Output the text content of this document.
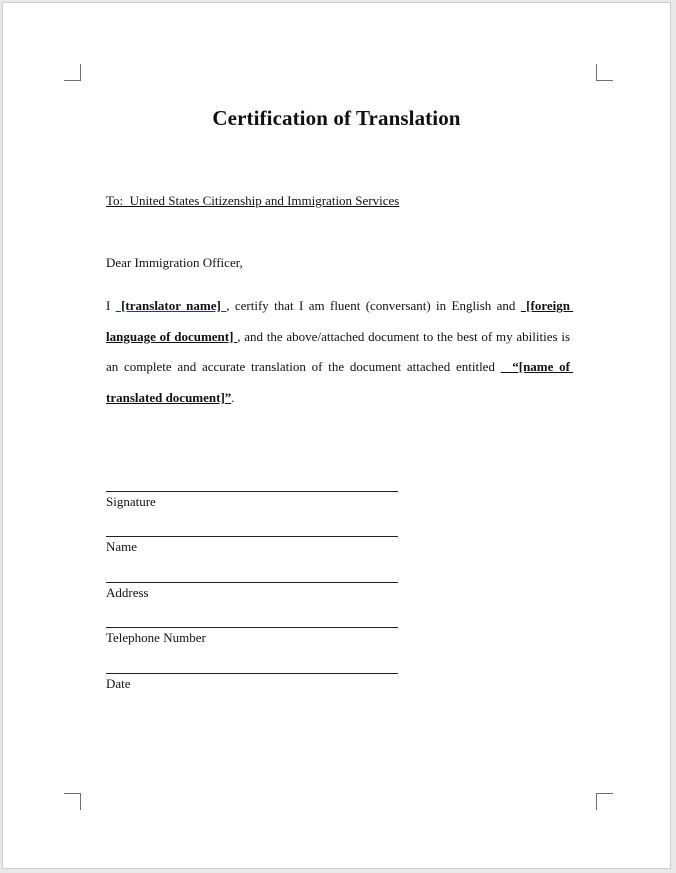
Certification of Translation
To:  United States Citizenship and Immigration Services
Dear Immigration Officer,
I  [translator name] , certify that I am fluent (conversant) in English and  [foreign language of document] , and the above/attached document to the best of my abilities is an complete and accurate translation of the document attached entitled   “[name of translated document]”.
Signature
Name
Address
Telephone Number
Date
